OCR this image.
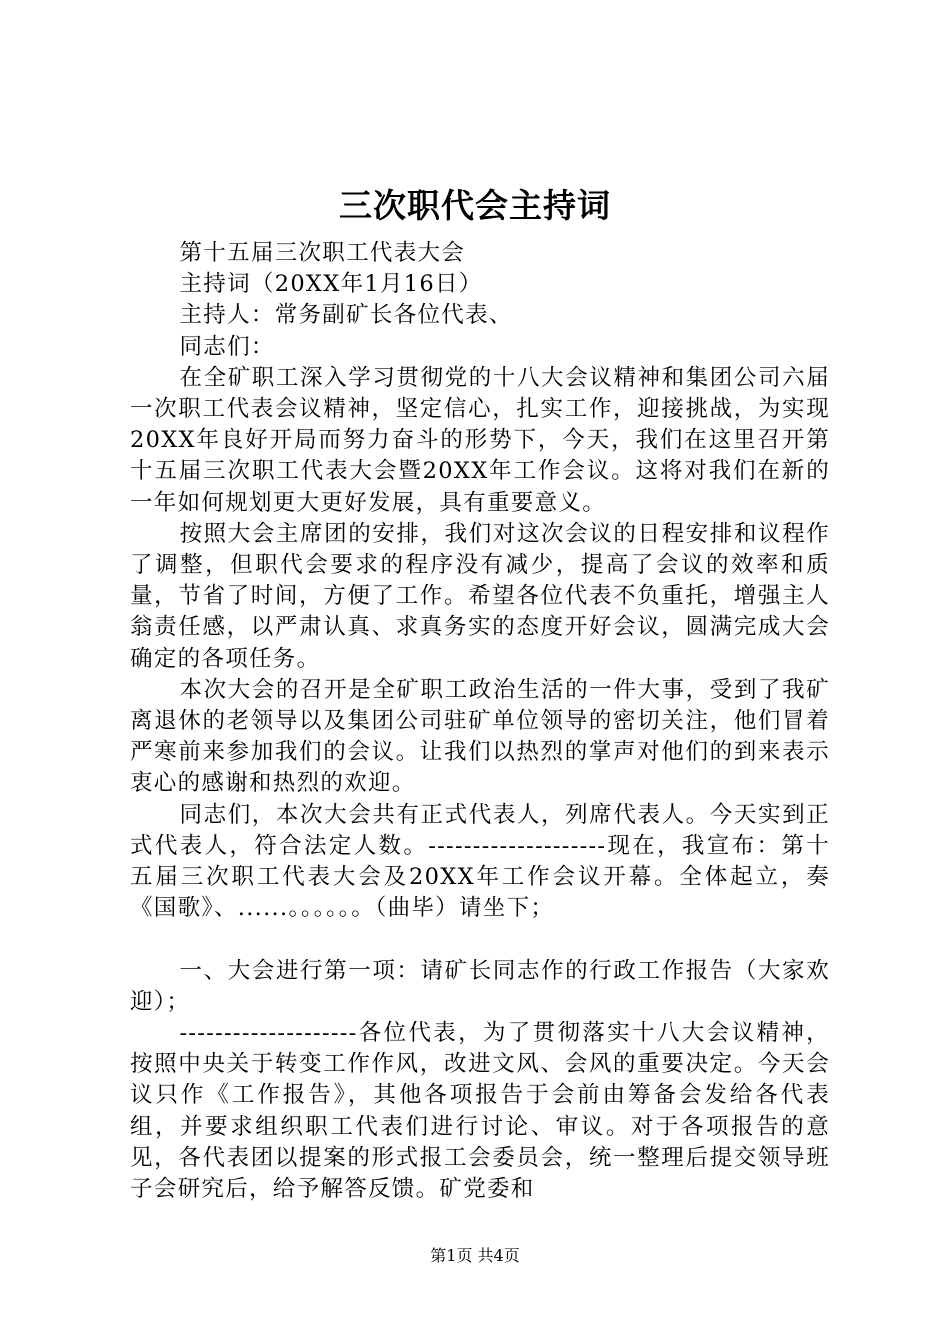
三次职代会主持词

第十五届三次职工代表大会

主持词（20XX年1月16日）

主持人：常务副矿长各位代表、

同志们：

在全矿职工深入学习贯彻党的十八大会议精神和集团公司六届一次职工代表会议精神，坚定信心，扎实工作，迎接挑战，为实现20XX年良好开局而努力奋斗的形势下，今天，我们在这里召开第十五届三次职工代表大会暨20XX年工作会议。这将对我们在新的一年如何规划更大更好发展，具有重要意义。

按照大会主席团的安排，我们对这次会议的日程安排和议程作了调整，但职代会要求的程序没有减少，提高了会议的效率和质量，节省了时间，方便了工作。希望各位代表不负重托，增强主人翁责任感，以严肃认真、求真务实的态度开好会议，圆满完成大会确定的各项任务。

本次大会的召开是全矿职工政治生活的一件大事，受到了我矿离退休的老领导以及集团公司驻矿单位领导的密切关注，他们冒着严寒前来参加我们的会议。让我们以热烈的掌声对他们的到来表示衷心的感谢和热烈的欢迎。

同志们，本次大会共有正式代表人，列席代表人。今天实到正式代表人，符合法定人数。--------------------现在，我宣布：第十五届三次职工代表大会及20XX年工作会议开幕。全体起立，奏《国歌》、......。。。。。。（曲毕）请坐下；

一、大会进行第一项：请矿长同志作的行政工作报告（大家欢迎）；

--------------------各位代表，为了贯彻落实十八大会议精神，按照中央关于转变工作作风，改进文风、会风的重要决定。今天会议只作《工作报告》，其他各项报告于会前由筹备会发给各代表组，并要求组织职工代表们进行讨论、审议。对于各项报告的意见，各代表团以提案的形式报工会委员会，统一整理后提交领导班子会研究后，给予解答反馈。矿党委和

第1页 共4页
